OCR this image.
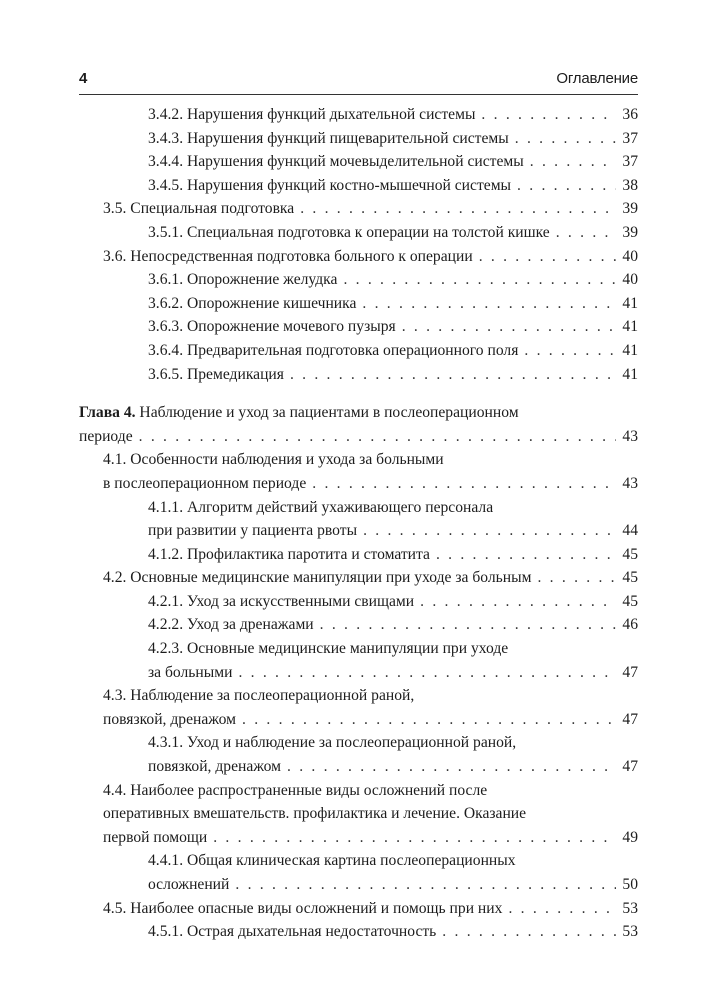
4	Оглавление
3.4.2. Нарушения функций дыхательной системы . . .	36
3.4.3. Нарушения функций пищеварительной системы . . .	37
3.4.4. Нарушения функций мочевыделительной системы . . .	37
3.4.5. Нарушения функций костно-мышечной системы . . .	38
3.5. Специальная подготовка . . .	39
3.5.1. Специальная подготовка к операции на толстой кишке . . .	39
3.6. Непосредственная подготовка больного к операции . . .	40
3.6.1. Опорожнение желудка . . .	40
3.6.2. Опорожнение кишечника . . .	41
3.6.3. Опорожнение мочевого пузыря . . .	41
3.6.4. Предварительная подготовка операционного поля . . .	41
3.6.5. Премедикация . . .	41
Глава 4. Наблюдение и уход за пациентами в послеоперационном
периоде . . .	43
4.1. Особенности наблюдения и ухода за больными
в послеоперационном периоде . . .	43
4.1.1. Алгоритм действий ухаживающего персонала
при развитии у пациента рвоты . . .	44
4.1.2. Профилактика паротита и стоматита . . .	45
4.2. Основные медицинские манипуляции при уходе за больным . . .	45
4.2.1. Уход за искусственными свищами . . .	45
4.2.2. Уход за дренажами . . .	46
4.2.3. Основные медицинские манипуляции при уходе
за больными . . .	47
4.3. Наблюдение за послеоперационной раной,
повязкой, дренажом . . .	47
4.3.1. Уход и наблюдение за послеоперационной раной,
повязкой, дренажом . . .	47
4.4. Наиболее распространенные виды осложнений после
оперативных вмешательств. профилактика и лечение. Оказание
первой помощи . . .	49
4.4.1. Общая клиническая картина послеоперационных
осложнений . . .	50
4.5. Наиболее опасные виды осложнений и помощь при них . . .	53
4.5.1. Острая дыхательная недостаточность . . .	53
